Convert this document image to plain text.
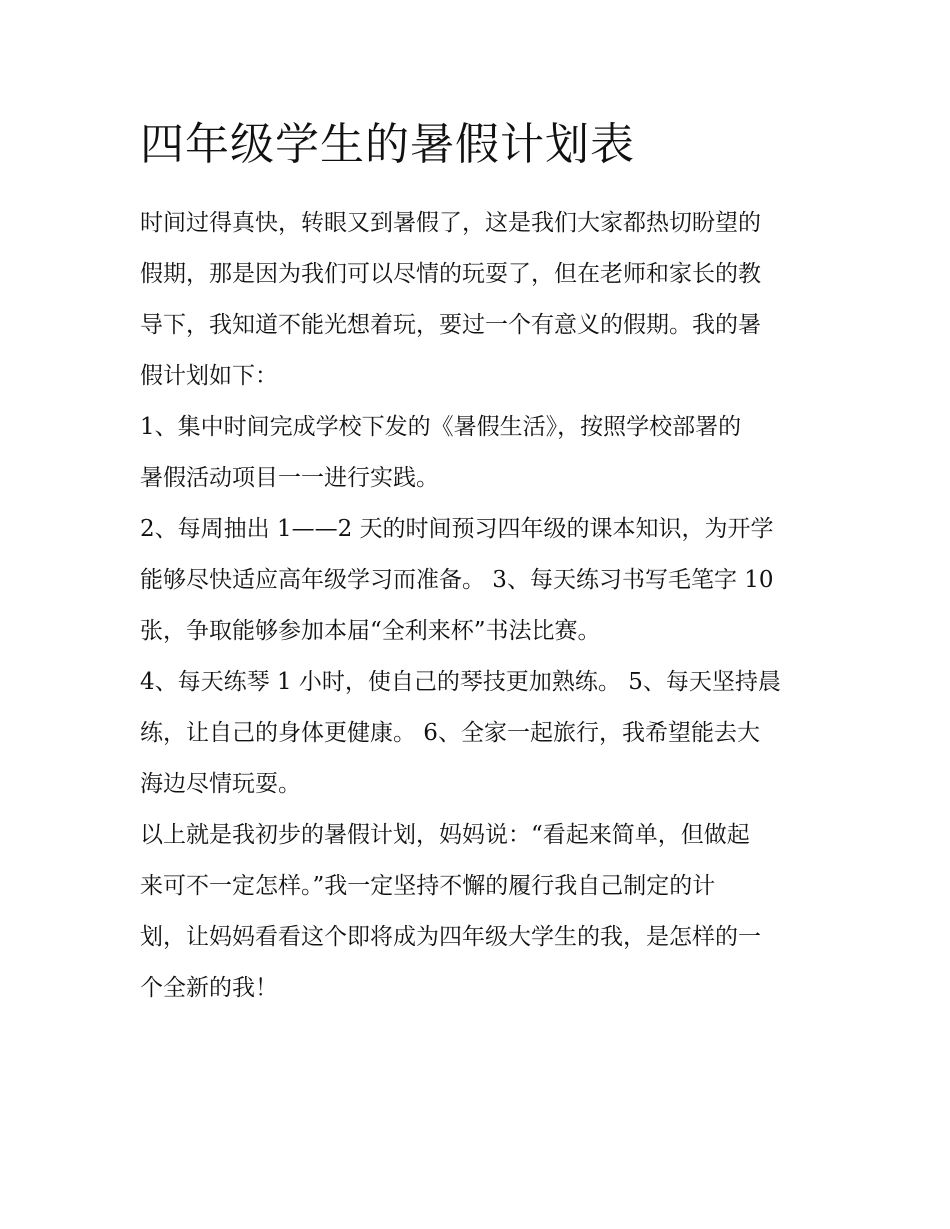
四年级学生的暑假计划表

时间过得真快，转眼又到暑假了，这是我们大家都热切盼望的
假期，那是因为我们可以尽情的玩耍了，但在老师和家长的教
导下，我知道不能光想着玩，要过一个有意义的假期。我的暑
假计划如下：

1、集中时间完成学校下发的《暑假生活》，按照学校部署的
暑假活动项目一一进行实践。

2、每周抽出 1——2 天的时间预习四年级的课本知识，为开学
能够尽快适应高年级学习而准备。 3、每天练习书写毛笔字 10
张，争取能够参加本届“全利来杯”书法比赛。

4、每天练琴 1 小时，使自己的琴技更加熟练。 5、每天坚持晨
练，让自己的身体更健康。 6、全家一起旅行，我希望能去大
海边尽情玩耍。

以上就是我初步的暑假计划，妈妈说：“看起来简单，但做起
来可不一定怎样。”我一定坚持不懈的履行我自己制定的计
划，让妈妈看看这个即将成为四年级大学生的我，是怎样的一
个全新的我！
